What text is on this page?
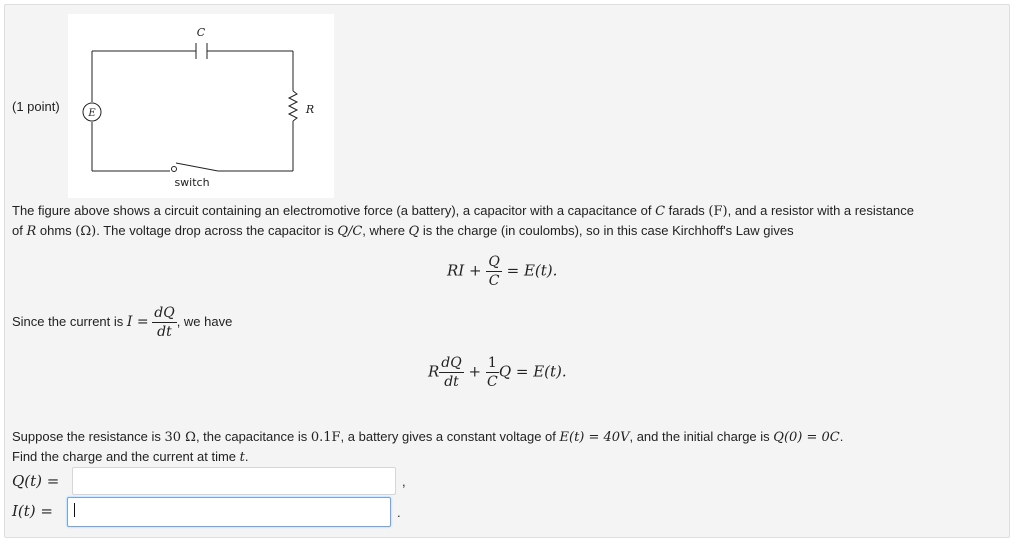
(1 point)
C
E	R
switch
The figure above shows a circuit containing an electromotive force (a battery), a capacitor with a capacitance of C farads (F), and a resistor with a resistance
of R ohms (Ω). The voltage drop across the capacitor is Q/C, where Q is the charge (in coulombs), so in this case Kirchhoff's Law gives
RI + $\frac{Q}{C} = E(t)$.
Since the current is $I = \frac{dQ}{dt}$ , we have
R $\frac{dQ}{dt} + \frac{1}{C}$ Q = E(t).
Suppose the resistance is 30 Ω, the capacitance is 0.1F, a battery gives a constant voltage of E(t) = 40V, and the initial charge is Q(0) = 0C.
Find the charge and the current at time t.
Q(t) =	,
I(t) =	.
